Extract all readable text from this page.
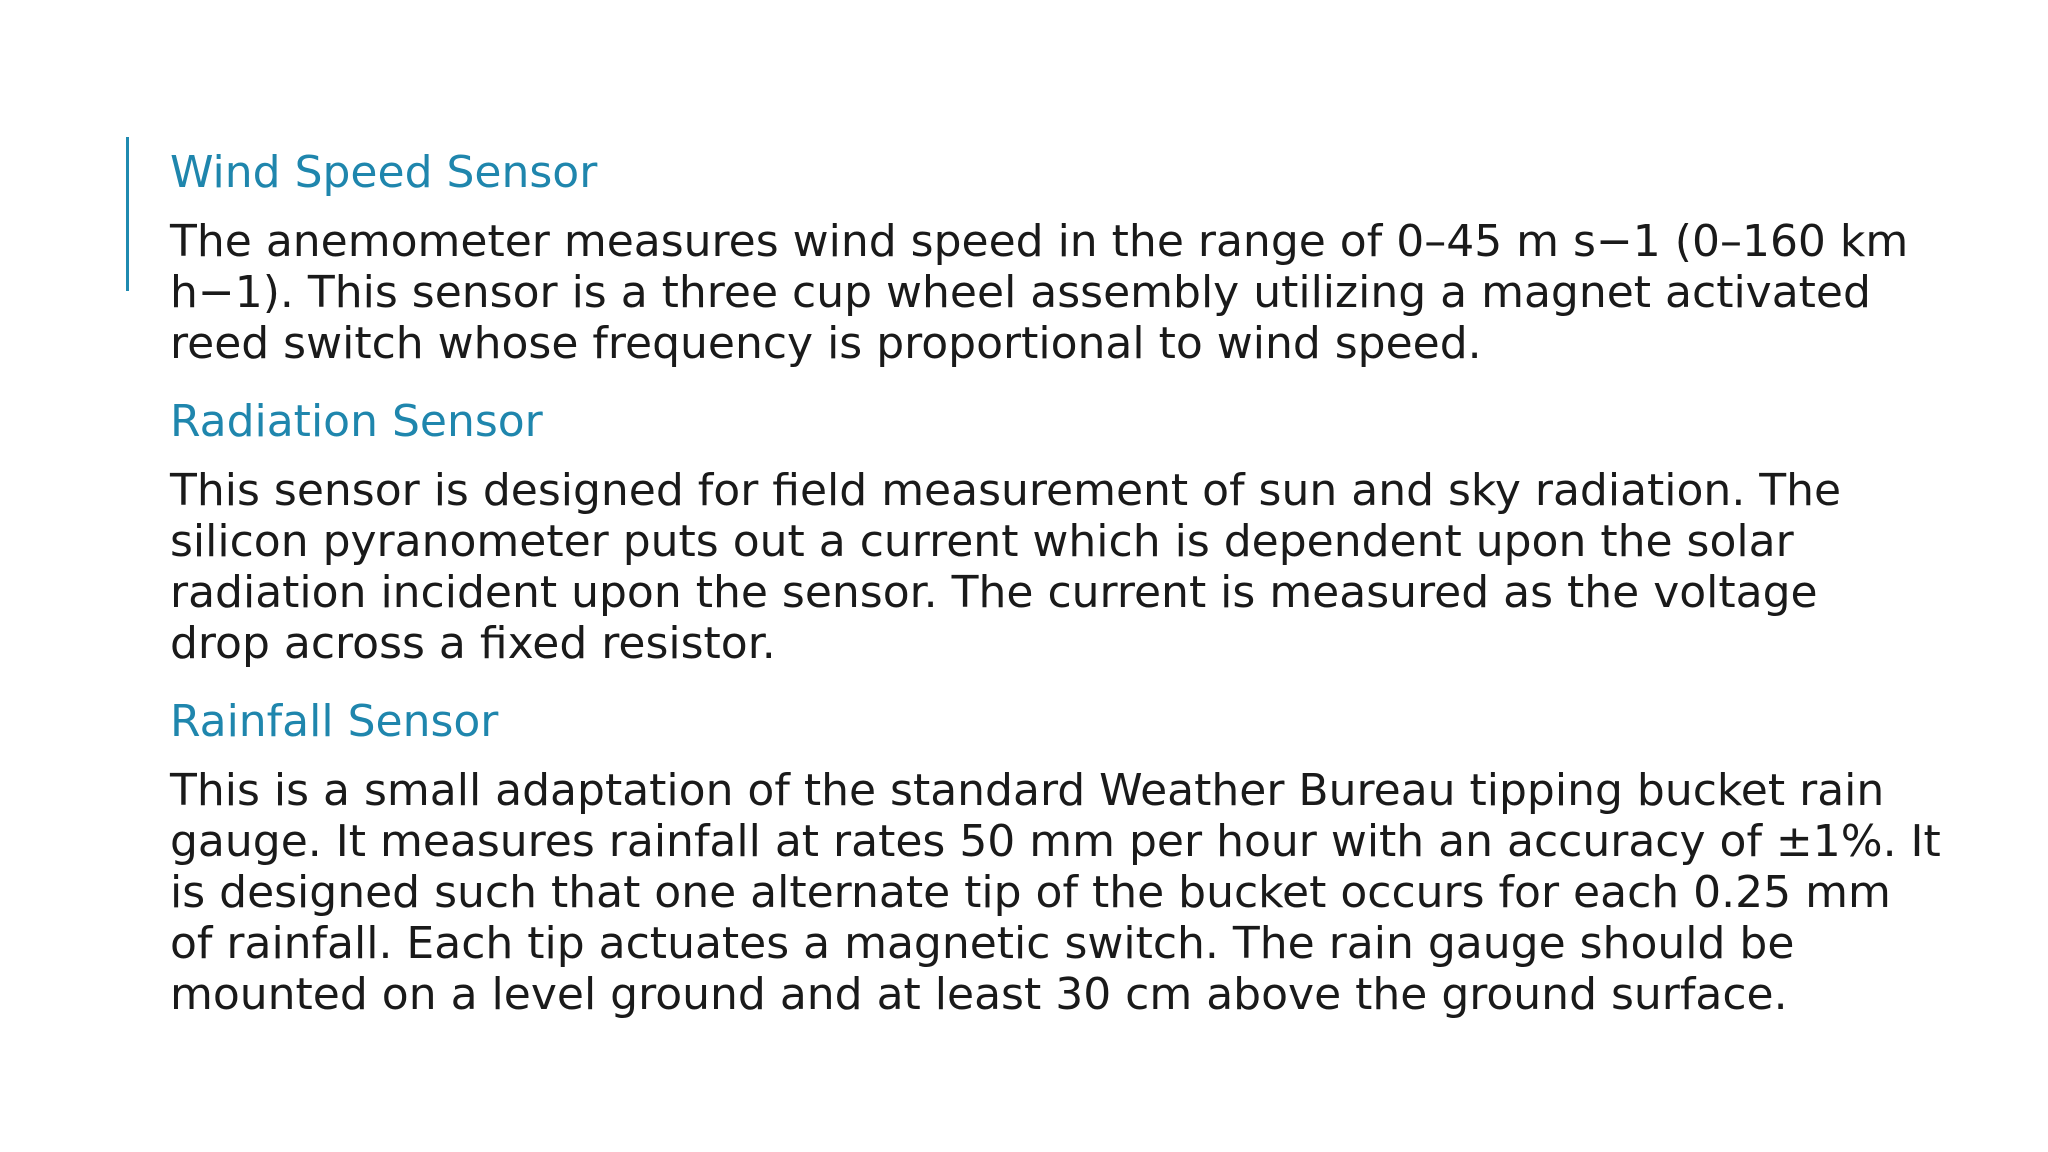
Wind Speed Sensor

The anemometer measures wind speed in the range of 0–45 m s−1 (0–160 km
h−1). This sensor is a three cup wheel assembly utilizing a magnet activated
reed switch whose frequency is proportional to wind speed.

Radiation Sensor

This sensor is designed for field measurement of sun and sky radiation. The
silicon pyranometer puts out a current which is dependent upon the solar
radiation incident upon the sensor. The current is measured as the voltage
drop across a fixed resistor.

Rainfall Sensor

This is a small adaptation of the standard Weather Bureau tipping bucket rain
gauge. It measures rainfall at rates 50 mm per hour with an accuracy of ±1%. It
is designed such that one alternate tip of the bucket occurs for each 0.25 mm
of rainfall. Each tip actuates a magnetic switch. The rain gauge should be
mounted on a level ground and at least 30 cm above the ground surface.
